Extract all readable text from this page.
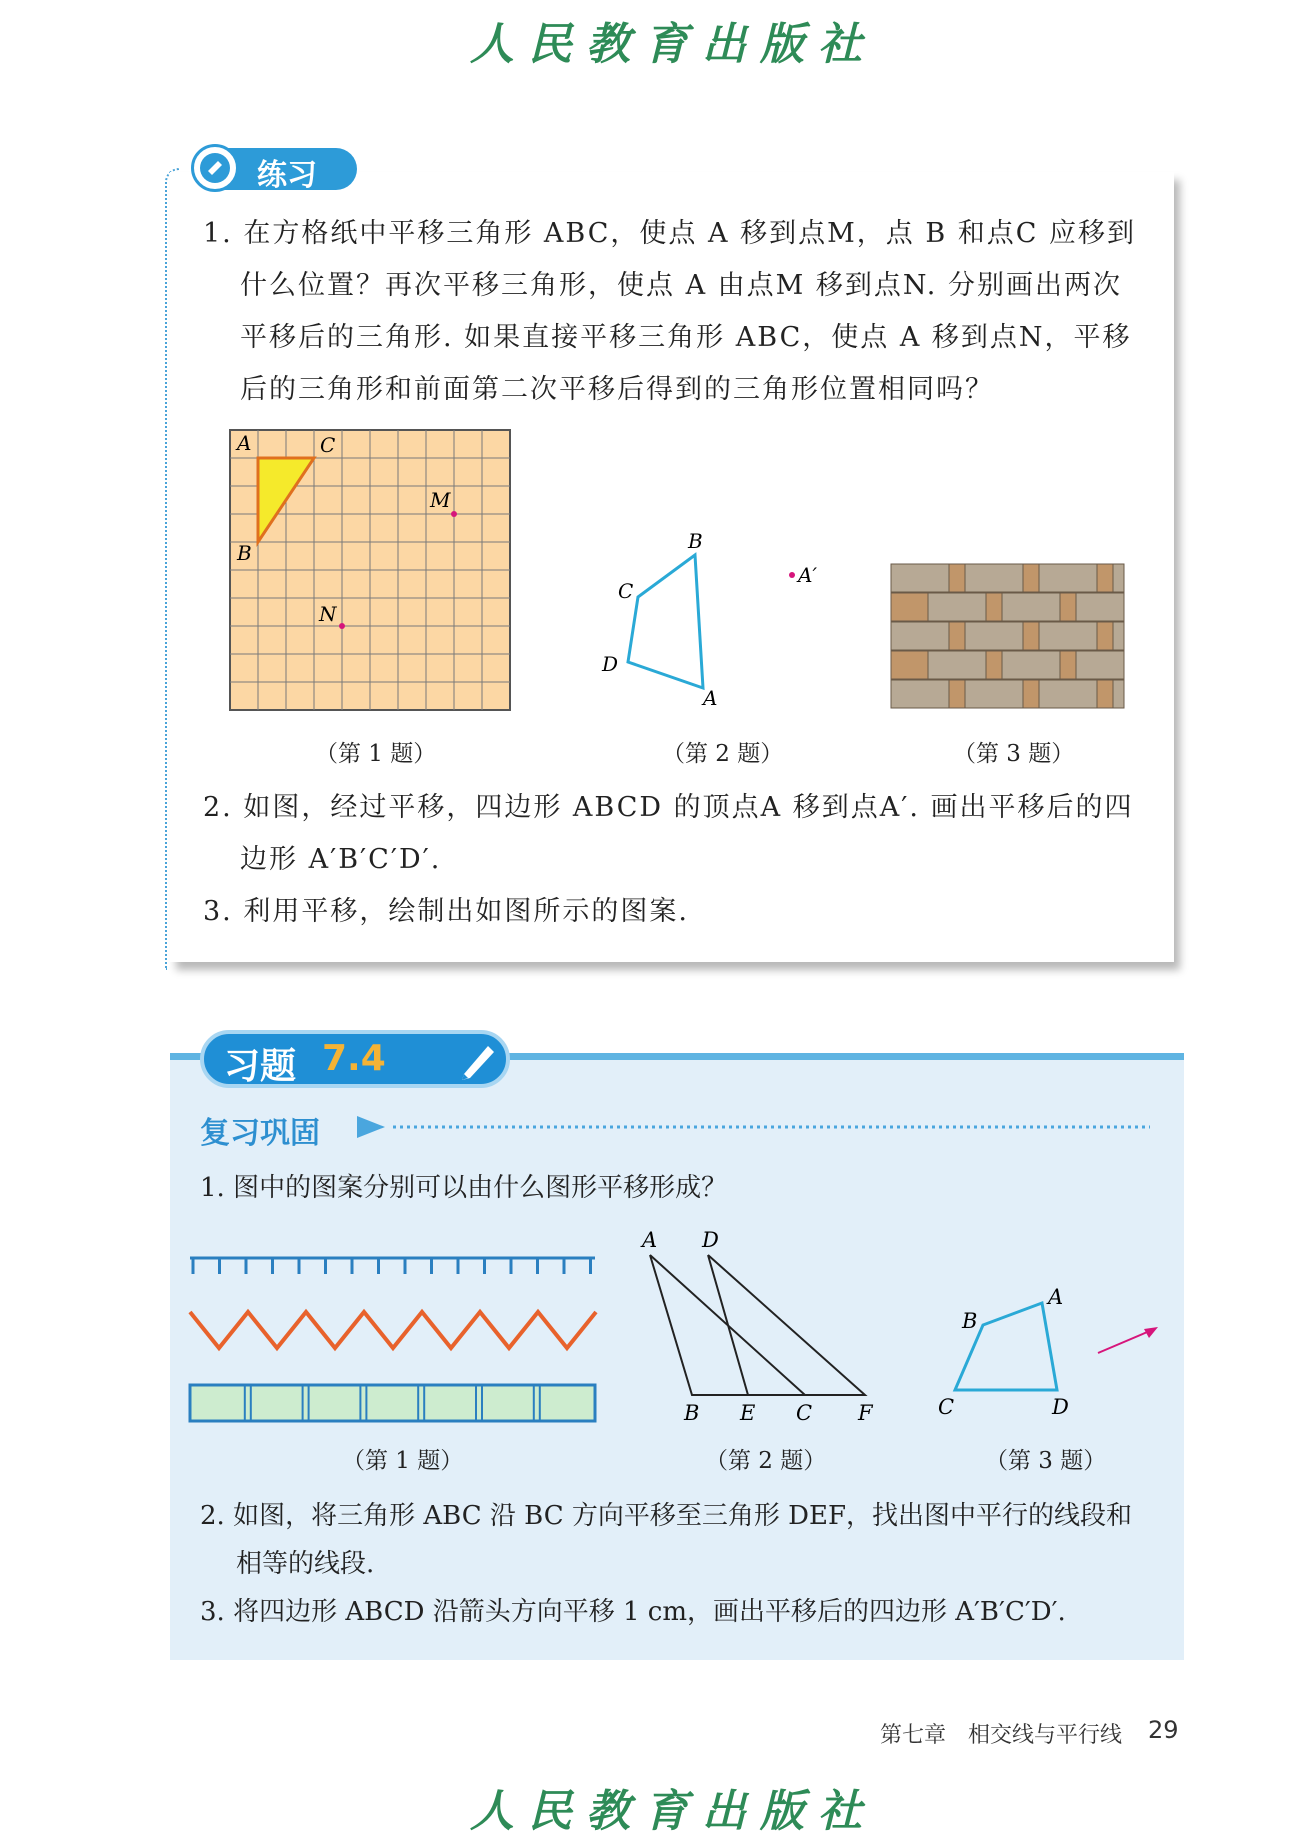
人民教育出版社
练习
1. 在方格纸中平移三角形 ABC，使点 A 移到点M，点 B 和点C 应移到
什么位置？再次平移三角形，使点 A 由点M 移到点N. 分别画出两次
平移后的三角形. 如果直接平移三角形 ABC，使点 A 移到点N，平移
后的三角形和前面第二次平移后得到的三角形位置相同吗？
A	C
B
M
N
B
C
D
A
A′
（第 1 题）	（第 2 题）	（第 3 题）
2. 如图，经过平移，四边形 ABCD 的顶点A 移到点A′. 画出平移后的四
边形 A′B′C′D′.
3. 利用平移，绘制出如图所示的图案.
习题 7.4
复习巩固
1. 图中的图案分别可以由什么图形平移形成？
A D
B E C F
A
B
C	D
（第 1 题）	（第 2 题）	（第 3 题）
2. 如图，将三角形 ABC 沿 BC 方向平移至三角形 DEF，找出图中平行的线段和
相等的线段.
3. 将四边形 ABCD 沿箭头方向平移 1 cm，画出平移后的四边形 A′B′C′D′.
第七章　相交线与平行线 29
人民教育出版社
